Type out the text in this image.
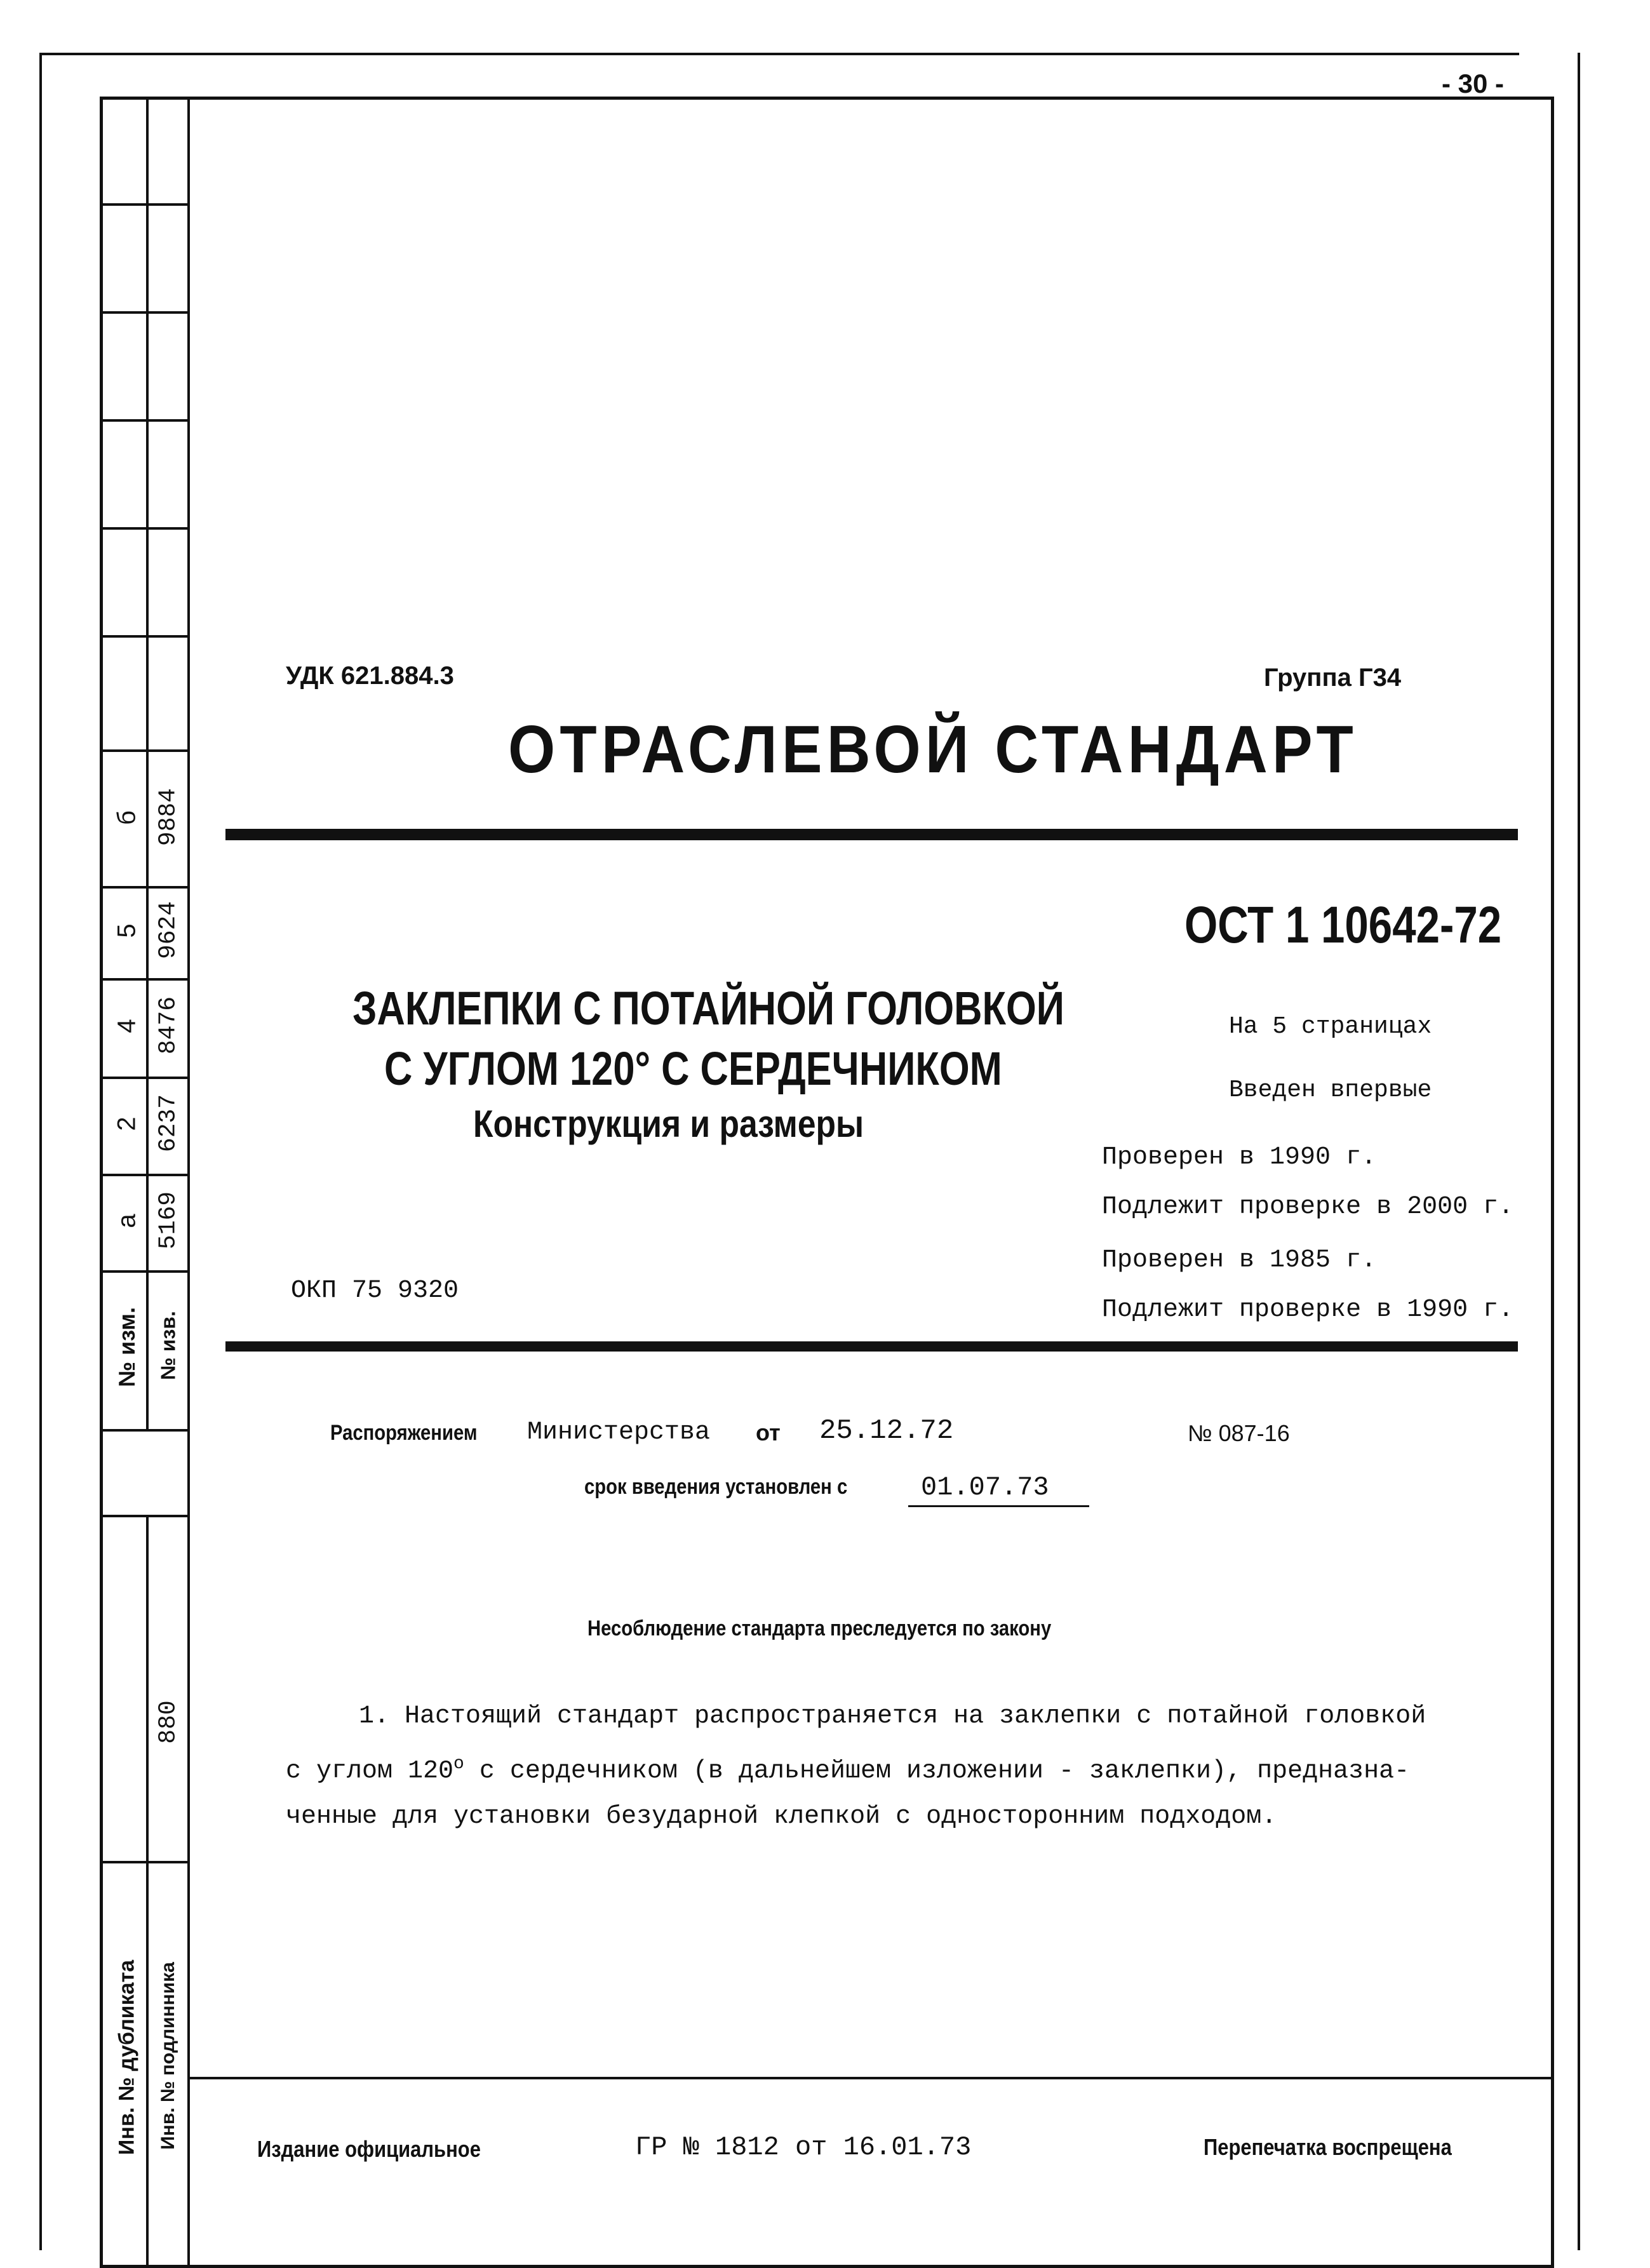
б 9884
5 9624
4 8476
2 6237
а 5169
№ изм. № изв.
880
Инв. № дубликата Инв. № подлинника
- 30 -
УДК 621.884.3	Группа Г34
ОТРАСЛЕВОЙ СТАНДАРТ
ОСТ 1 10642-72
ЗАКЛЕПКИ С ПОТАЙНОЙ ГОЛОВКОЙ
С УГЛОМ 120° С СЕРДЕЧНИКОМ
Конструкция и размеры
На 5 страницах
Введен впервые
Проверен в 1990 г.
Подлежит проверке в 2000 г.
Проверен в 1985 г.
Подлежит проверке в 1990 г.
ОКП 75 9320
Распоряжением Министерства от 25.12.72	№ 087-16
срок введения установлен с	01.07.73
Несоблюдение стандарта преследуется по закону
1. Настоящий стандарт распространяется на заклепки с потайной головкой
с углом $120^о$ с сердечником (в дальнейшем изложении - заклепки), предназна-
ченные для установки безударной клепкой с односторонним подходом.
Издание официальное	ГР № 1812 от 16.01.73	Перепечатка воспрещена
